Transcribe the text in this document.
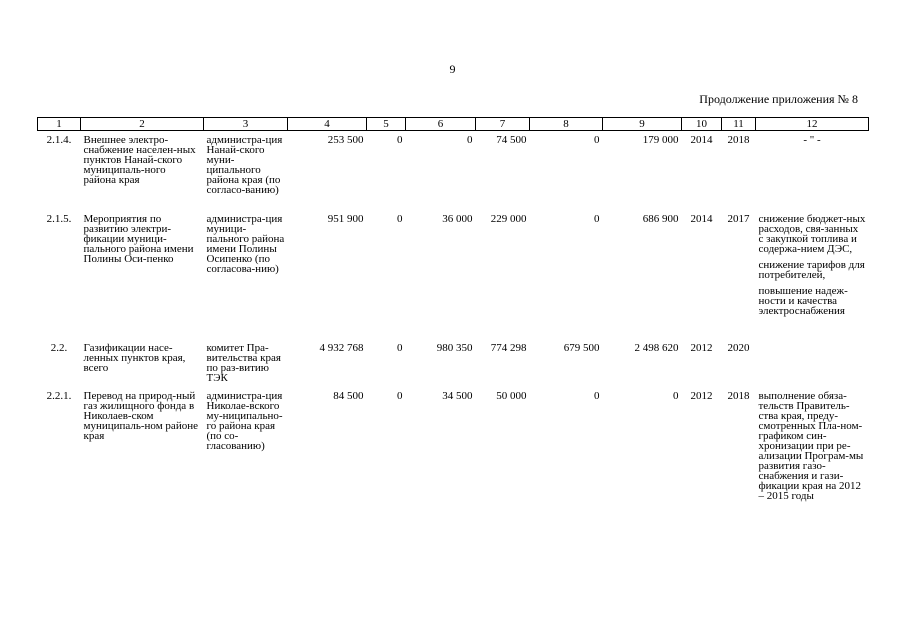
9
Продолжение приложения № 8
1	2	3	4	5	6	7	8	9	10	11	12
2.1.4.	Внешнее электро-снабжение населен-ных пунктов Нанай-ского муниципаль-ного района края	администра-ция Нанай-ского муни-ципального района края (по согласо-ванию)	253 500	0	0	74 500	0	179 000	2014	2018	- " -

2.1.5.	Мероприятия по развитию электри-фикации муници-пального района имени Полины Оси-пенко	администра-ция муници-пального района имени Полины Осипенко (по согласова-нию)	951 900	0	36 000	229 000	0	686 900	2014	2017	снижение бюджет-ных расходов, свя-занных с закупкой топлива и содержа-нием ДЭС,

снижение тарифов для потребителей,

повышение надеж-ности и качества электроснабжения

2.2.	Газификации насе-ленных пунктов края, всего	комитет Пра-вительства края по раз-витию ТЭК	4 932 768	0	980 350	774 298	679 500	2 498 620	2012	2020	
2.2.1.	Перевод на природ-ный газ жилищного фонда в Николаев-ском муниципаль-ном районе края	администра-ция Николае-вского му-ниципально-го района края (по со-гласованию)	84 500	0	34 500	50 000	0	0	2012	2018	выполнение обяза-тельств Правитель-ства края, преду-смотренных Пла-ном-графиком син-хронизации при ре-ализации Програм-мы развития газо-снабжения и гази-фикации края на 2012 – 2015 годы
